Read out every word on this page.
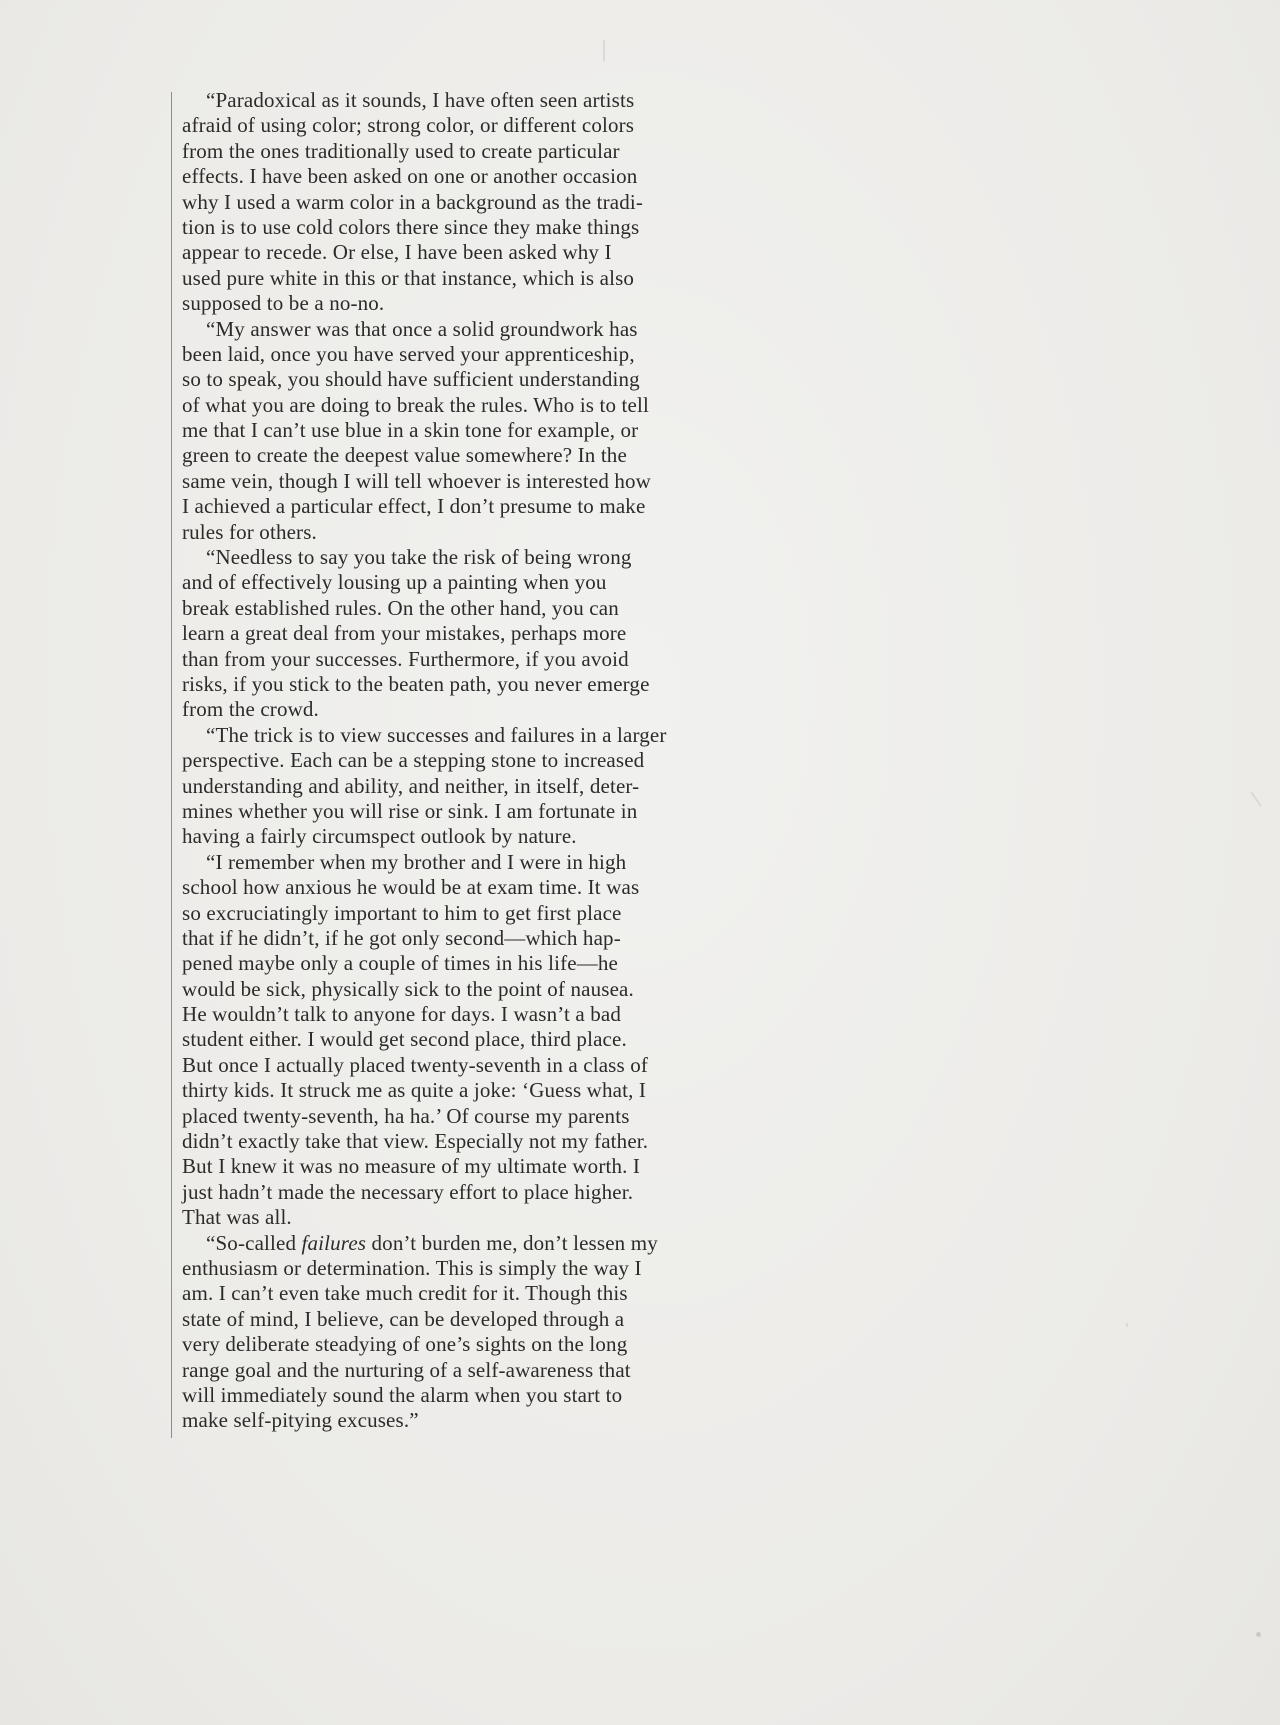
“Paradoxical as it sounds, I have often seen artists
afraid of using color; strong color, or different colors
from the ones traditionally used to create particular
effects. I have been asked on one or another occasion
why I used a warm color in a background as the tradi-
tion is to use cold colors there since they make things
appear to recede. Or else, I have been asked why I
used pure white in this or that instance, which is also
supposed to be a no-no.
“My answer was that once a solid groundwork has
been laid, once you have served your apprenticeship,
so to speak, you should have sufficient understanding
of what you are doing to break the rules. Who is to tell
me that I can’t use blue in a skin tone for example, or
green to create the deepest value somewhere? In the
same vein, though I will tell whoever is interested how
I achieved a particular effect, I don’t presume to make
rules for others.
“Needless to say you take the risk of being wrong
and of effectively lousing up a painting when you
break established rules. On the other hand, you can
learn a great deal from your mistakes, perhaps more
than from your successes. Furthermore, if you avoid
risks, if you stick to the beaten path, you never emerge
from the crowd.
“The trick is to view successes and failures in a larger
perspective. Each can be a stepping stone to increased
understanding and ability, and neither, in itself, deter-
mines whether you will rise or sink. I am fortunate in
having a fairly circumspect outlook by nature.
“I remember when my brother and I were in high
school how anxious he would be at exam time. It was
so excruciatingly important to him to get first place
that if he didn’t, if he got only second—which hap-
pened maybe only a couple of times in his life—he
would be sick, physically sick to the point of nausea.
He wouldn’t talk to anyone for days. I wasn’t a bad
student either. I would get second place, third place.
But once I actually placed twenty-seventh in a class of
thirty kids. It struck me as quite a joke: ‘Guess what, I
placed twenty-seventh, ha ha.’ Of course my parents
didn’t exactly take that view. Especially not my father.
But I knew it was no measure of my ultimate worth. I
just hadn’t made the necessary effort to place higher.
That was all.
“So-called failures don’t burden me, don’t lessen my
enthusiasm or determination. This is simply the way I
am. I can’t even take much credit for it. Though this
state of mind, I believe, can be developed through a
very deliberate steadying of one’s sights on the long
range goal and the nurturing of a self-awareness that
will immediately sound the alarm when you start to
make self-pitying excuses.”
